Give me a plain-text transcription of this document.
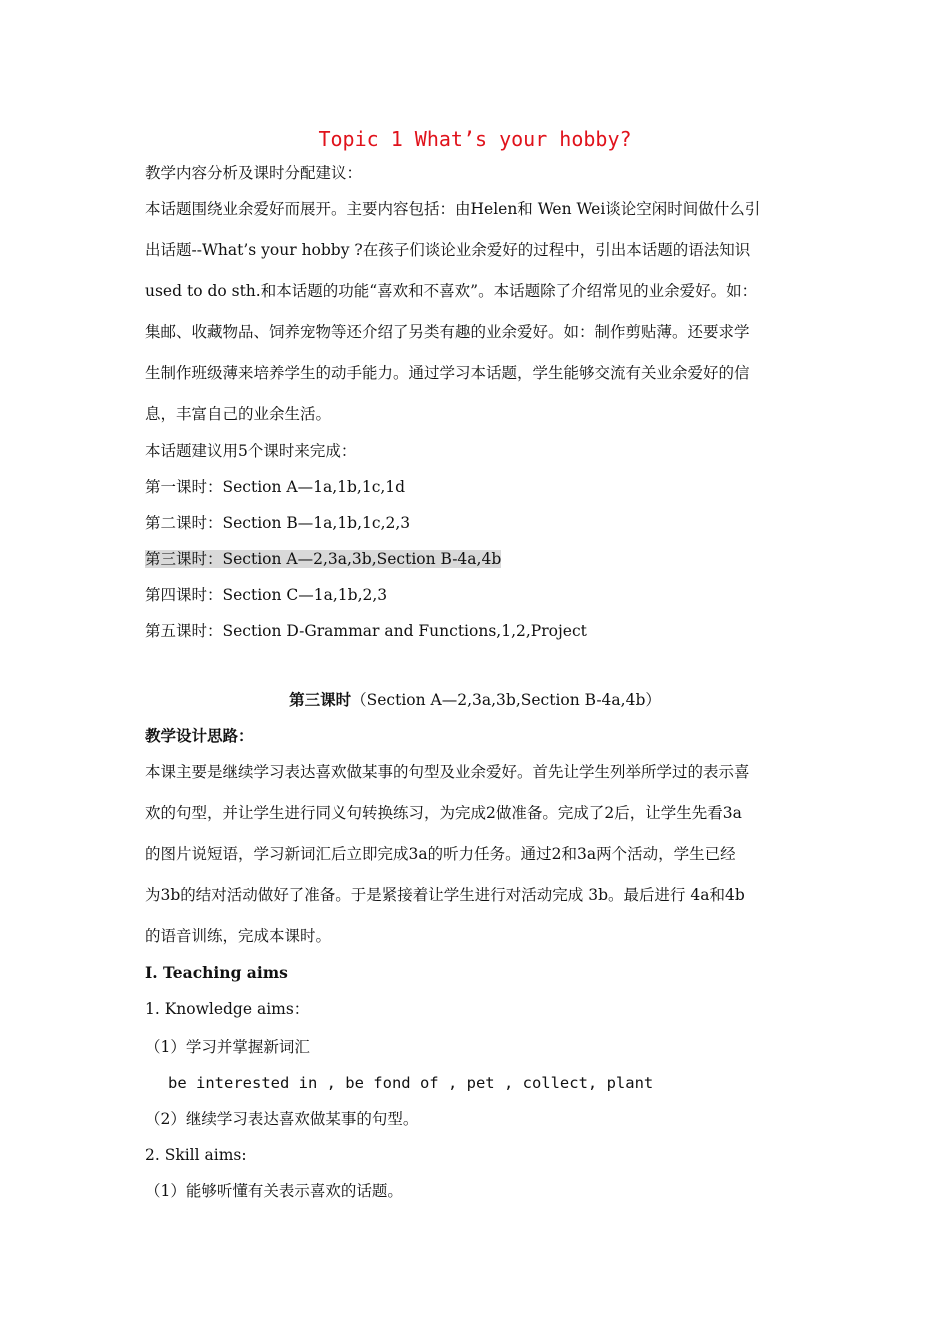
Topic 1 What’s your hobby?
教学内容分析及课时分配建议：
本话题围绕业余爱好而展开。主要内容包括：由Helen和 Wen Wei谈论空闲时间做什么引
出话题--What’s your hobby ?在孩子们谈论业余爱好的过程中，引出本话题的语法知识
used to do sth.和本话题的功能“喜欢和不喜欢”。本话题除了介绍常见的业余爱好。如：
集邮、收藏物品、饲养宠物等还介绍了另类有趣的业余爱好。如：制作剪贴薄。还要求学
生制作班级薄来培养学生的动手能力。通过学习本话题，学生能够交流有关业余爱好的信
息，丰富自己的业余生活。
本话题建议用5个课时来完成：
第一课时：Section A—1a,1b,1c,1d
第二课时：Section B—1a,1b,1c,2,3
第三课时：Section A—2,3a,3b,Section B-4a,4b
第四课时：Section C—1a,1b,2,3
第五课时：Section D-Grammar and Functions,1,2,Project
第三课时（Section A—2,3a,3b,Section B-4a,4b）
教学设计思路：
本课主要是继续学习表达喜欢做某事的句型及业余爱好。首先让学生列举所学过的表示喜
欢的句型，并让学生进行同义句转换练习，为完成2做准备。完成了2后，让学生先看3a
的图片说短语，学习新词汇后立即完成3a的听力任务。通过2和3a两个活动，学生已经
为3b的结对活动做好了准备。于是紧接着让学生进行对活动完成 3b。最后进行 4a和4b
的语音训练，完成本课时。
Ⅰ. Teaching aims
1. Knowledge aims：
（1）学习并掌握新词汇
be interested in , be fond of , pet , collect, plant
（2）继续学习表达喜欢做某事的句型。
2. Skill aims:
（1）能够听懂有关表示喜欢的话题。
